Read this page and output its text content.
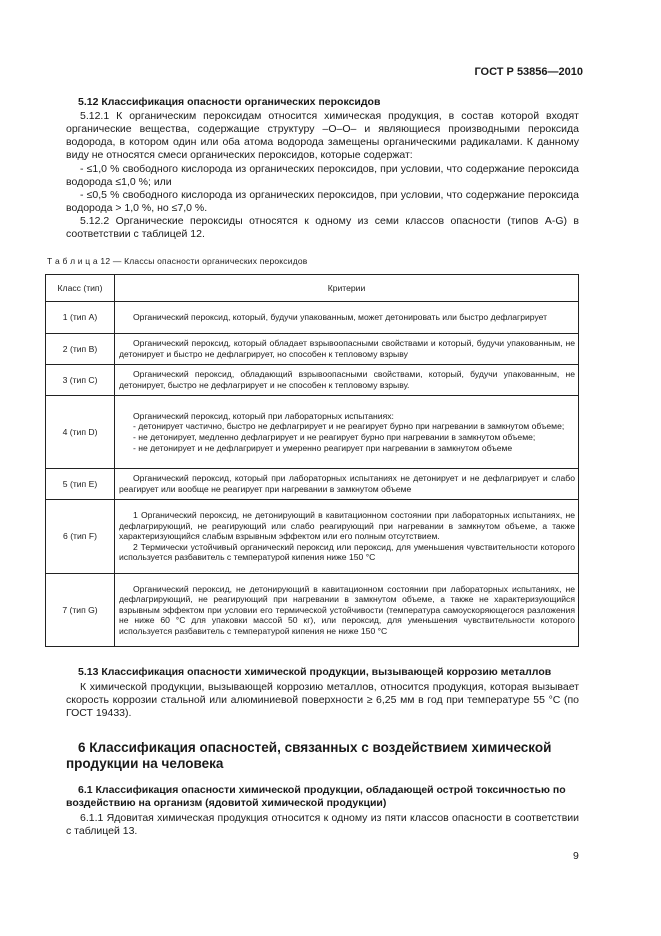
ГОСТ Р 53856—2010
5.12 Классификация опасности органических пероксидов
5.12.1 К органическим пероксидам относится химическая продукция, в состав которой входят органические вещества, содержащие структуру –О–О– и являющиеся производными пероксида водорода, в котором один или оба атома водорода замещены органическими радикалами. К данному виду не относятся смеси органических пероксидов, которые содержат:
- ≤1,0 % свободного кислорода из органических пероксидов, при условии, что содержание пероксида водорода ≤1,0 %; или
- ≤0,5 % свободного кислорода из органических пероксидов, при условии, что содержание пероксида водорода > 1,0 %, но ≤7,0 %.
5.12.2 Органические пероксиды относятся к одному из семи классов опасности (типов A-G) в соответствии с таблицей 12.
Т а б л и ц а 12 — Классы опасности органических пероксидов
Класс (тип)	Критерии
1 (тип A)	Органический пероксид, который, будучи упакованным, может детонировать или быстро дефлагрирует

2 (тип B)	Органический пероксид, который обладает взрывоопасными свойствами и который, будучи упакованным, не детонирует и быстро не дефлагрирует, но способен к тепловому взрыву

3 (тип C)	Органический пероксид, обладающий взрывоопасными свойствами, который, будучи упакованным, не детонирует, быстро не дефлагрирует и не способен к тепловому взрыву.

4 (тип D)	Органический пероксид, который при лабораторных испытаниях:
- детонирует частично, быстро не дефлагрирует и не реагирует бурно при нагревании в замкнутом объеме;
- не детонирует, медленно дефлагрирует и не реагирует бурно при нагревании в замкнутом объеме;
- не детонирует и не дефлагрирует и умеренно реагирует при нагревании в замкнутом объеме

5 (тип E)	Органический пероксид, который при лабораторных испытаниях не детонирует и не дефлагрирует и слабо реагирует или вообще не реагирует при нагревании в замкнутом объеме

6 (тип F)	1 Органический пероксид, не детонирующий в кавитационном состоянии при лабораторных испытаниях, не дефлагрирующий, не реагирующий или слабо реагирующий при нагревании в замкнутом объеме, а также характеризующийся слабым взрывным эффектом или его полным отсутствием.
2 Термически устойчивый органический пероксид или пероксид, для уменьшения чувствительности которого используется разбавитель с температурой кипения ниже 150 °С

7 (тип G)	Органический пероксид, не детонирующий в кавитационном состоянии при лабораторных испытаниях, не дефлагрирующий, не реагирующий при нагревании в замкнутом объеме, а также не характеризующийся взрывным эффектом при условии его термической устойчивости (температура самоускоряющегося разложения не ниже 60 °С для упаковки массой 50 кг), или пероксид, для уменьшения чувствительности которого используется разбавитель с температурой кипения не ниже 150 °С
5.13 Классификация опасности химической продукции, вызывающей коррозию металлов
К химической продукции, вызывающей коррозию металлов, относится продукция, которая вызывает скорость коррозии стальной или алюминиевой поверхности ≥ 6,25 мм в год при температуре 55 °С (по ГОСТ 19433).
6 Классификация опасностей, связанных с воздействием химической продукции на человека
6.1 Классификация опасности химической продукции, обладающей острой токсичностью по воздействию на организм (ядовитой химической продукции)
6.1.1 Ядовитая химическая продукция относится к одному из пяти классов опасности в соответствии с таблицей 13.
9
